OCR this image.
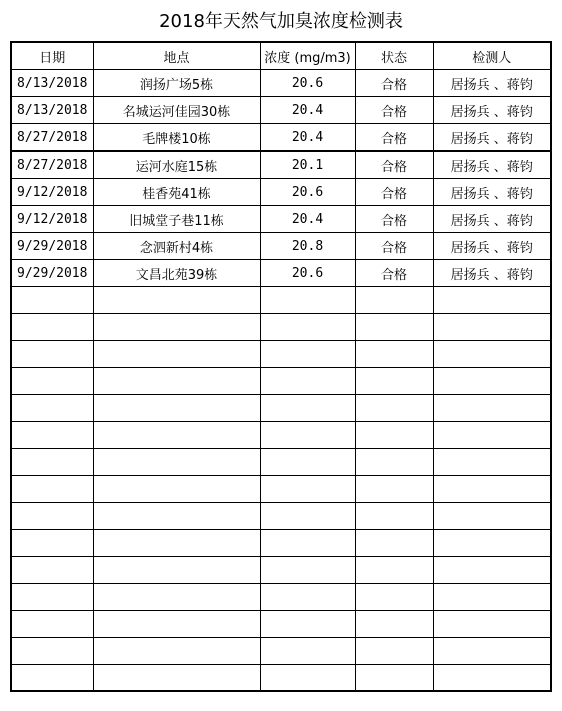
2018年天然气加臭浓度检测表
日期	地点	浓度 (mg/m3)	状态	检测人
8/13/2018	润扬广场5栋	20.6	合格	居扬兵 、蒋钧
8/13/2018	名城运河佳园30栋	20.4	合格	居扬兵 、蒋钧
8/27/2018	毛牌楼10栋	20.4	合格	居扬兵 、蒋钧
8/27/2018	运河水庭15栋	20.1	合格	居扬兵 、蒋钧
9/12/2018	桂香苑41栋	20.6	合格	居扬兵 、蒋钧
9/12/2018	旧城堂子巷11栋	20.4	合格	居扬兵 、蒋钧
9/29/2018	念泗新村4栋	20.8	合格	居扬兵 、蒋钧
9/29/2018	文昌北苑39栋	20.6	合格	居扬兵 、蒋钧
